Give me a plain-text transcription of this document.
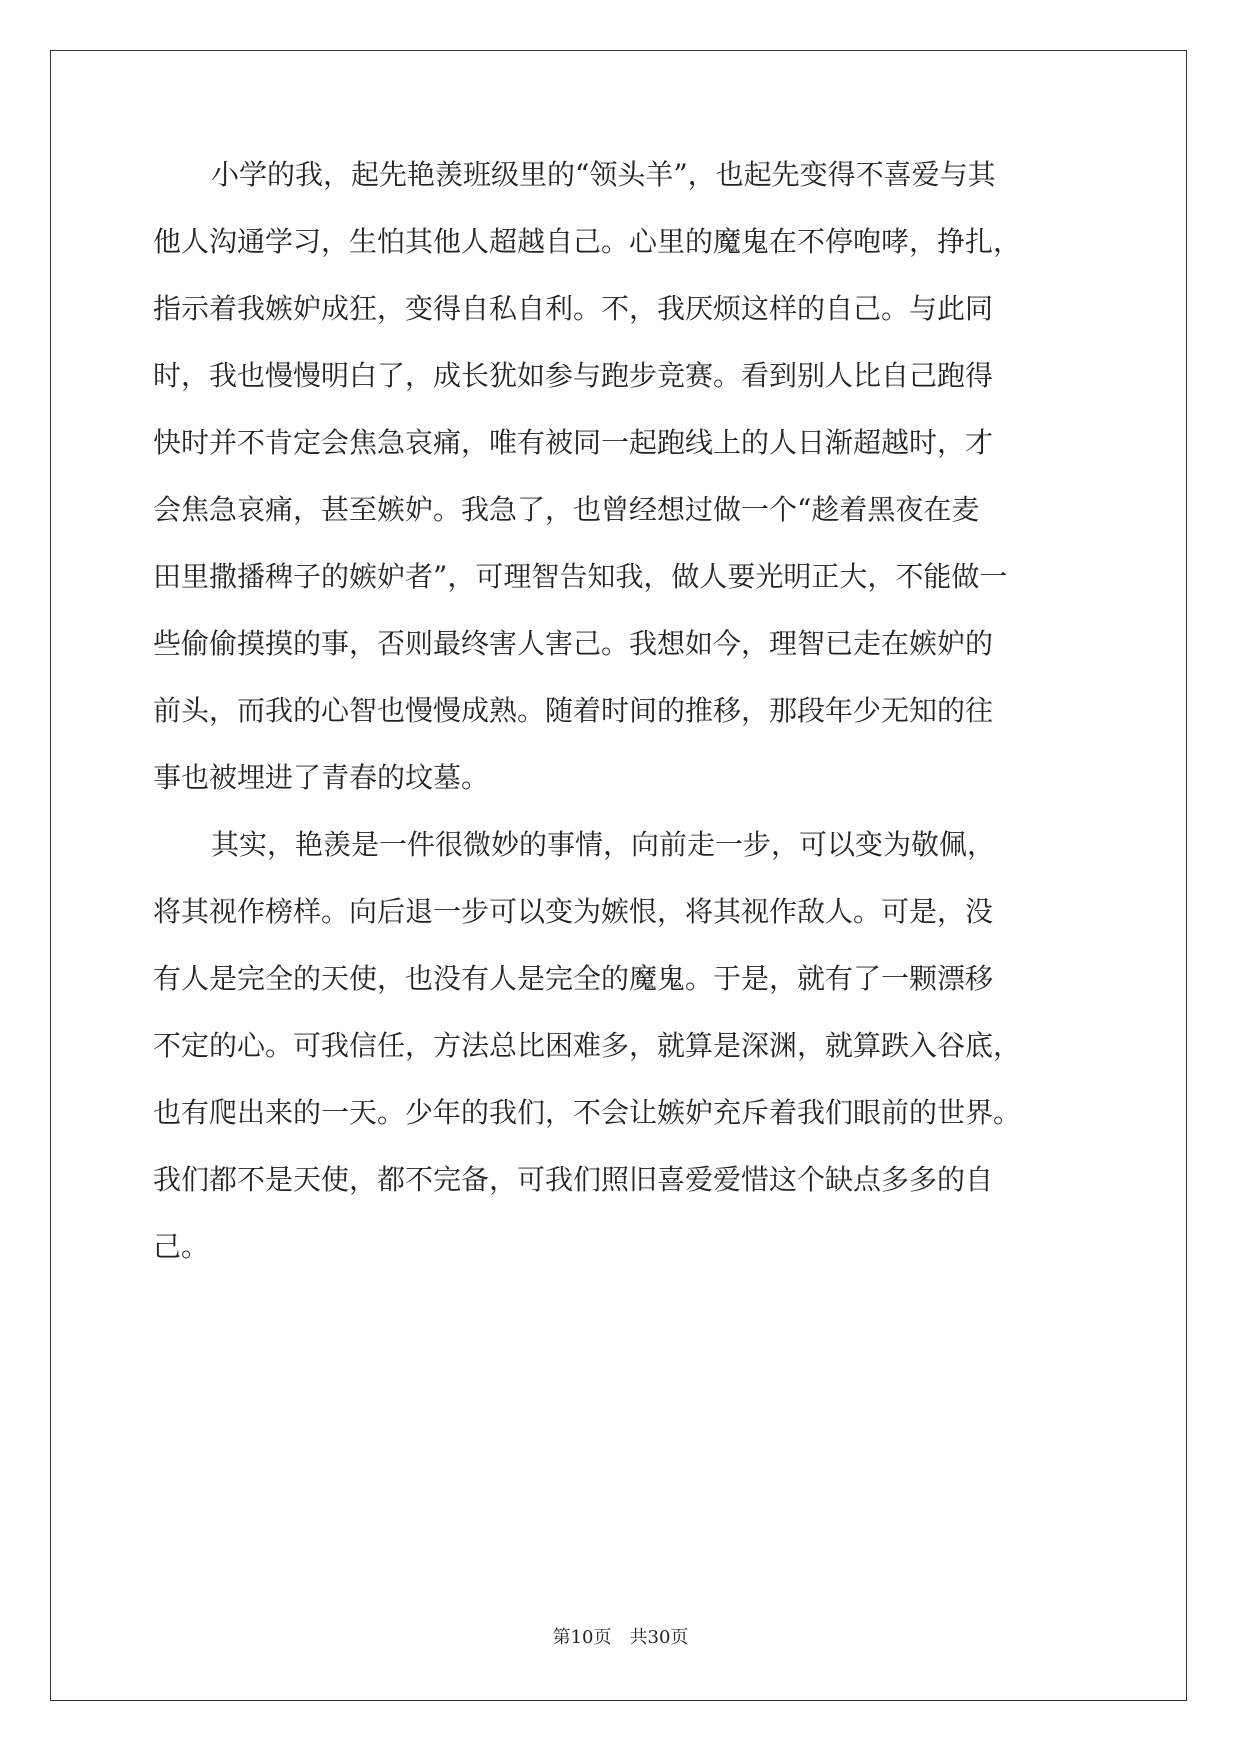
小学的我，起先艳羡班级里的“领头羊”，也起先变得不喜爱与其
他人沟通学习，生怕其他人超越自己。心里的魔鬼在不停咆哮，挣扎，
指示着我嫉妒成狂，变得自私自利。不，我厌烦这样的自己。与此同
时，我也慢慢明白了，成长犹如参与跑步竞赛。看到别人比自己跑得
快时并不肯定会焦急哀痛，唯有被同一起跑线上的人日渐超越时，才
会焦急哀痛，甚至嫉妒。我急了，也曾经想过做一个“趁着黑夜在麦
田里撒播稗子的嫉妒者”，可理智告知我，做人要光明正大，不能做一
些偷偷摸摸的事，否则最终害人害己。我想如今，理智已走在嫉妒的
前头，而我的心智也慢慢成熟。随着时间的推移，那段年少无知的往
事也被埋进了青春的坟墓。
其实，艳羡是一件很微妙的事情，向前走一步，可以变为敬佩，
将其视作榜样。向后退一步可以变为嫉恨，将其视作敌人。可是，没
有人是完全的天使，也没有人是完全的魔鬼。于是，就有了一颗漂移
不定的心。可我信任，方法总比困难多，就算是深渊，就算跌入谷底，
也有爬出来的一天。少年的我们，不会让嫉妒充斥着我们眼前的世界。
我们都不是天使，都不完备，可我们照旧喜爱爱惜这个缺点多多的自
己。
第10页 共30页
